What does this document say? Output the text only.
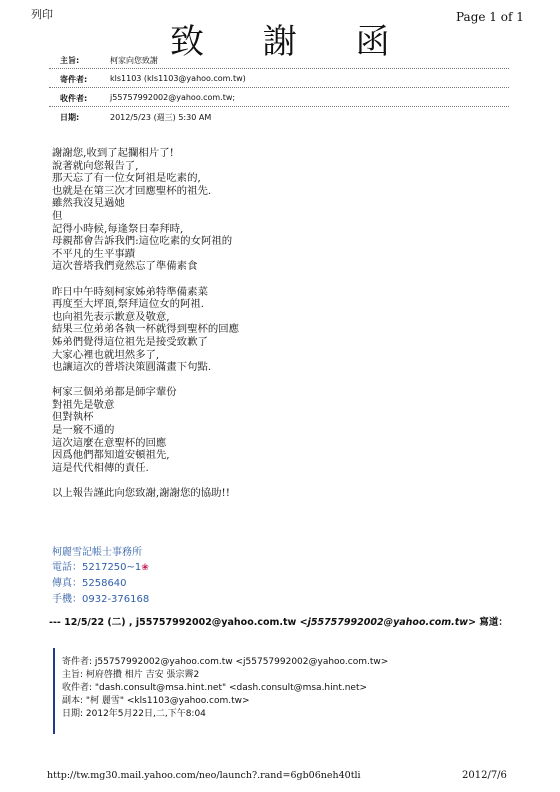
列印	Page 1 of 1
致 謝 函
主旨:	柯家向您致謝
寄件者:	kls1103 (kls1103@yahoo.com.tw)
收件者:	j55757992002@yahoo.com.tw;
日期:	2012/5/23 (週三) 5:30 AM

謝謝您,收到了起攔相片了!

說著就向您報告了,

那天忘了有一位女阿祖是吃素的,

也就是在第三次才回應聖杯的祖先.

雖然我沒見過她

但

記得小時候,每逢祭日奉拜時,

母親都會告訴我們:這位吃素的女阿祖的

不平凡的生平事蹟

這次普塔我們竟然忘了準備素食

昨日中午時刻柯家姊弟特準備素菜

再度至大坪頂,祭拜這位女的阿祖.

也向祖先表示歉意及敬意,

結果三位弟弟各執一杯就得到聖杯的回應

姊弟們覺得這位祖先是接受致歉了

大家心裡也就坦然多了,

也讓這次的普塔決策圓滿畫下句點.

柯家三個弟弟都是師字輩份

對祖先是敬意

但對執杯

是一竅不通的

這次這麼在意聖杯的回應

因爲他們都知道安頓祖先,

這是代代相傳的責任.

以上報告謹此向您致謝,謝謝您的協助!!

柯麗雪記帳士事務所
電話：5217250~1❀
傳真：5258640
手機：0932-376168
--- 12/5/22 (二) , j55757992002@yahoo.com.tw <j55757992002@yahoo.com.tw> 寫道：
寄件者: j55757992002@yahoo.com.tw <j55757992002@yahoo.com.tw>
主旨: 柯府啓攢 相片 吉安 張宗霽2
收件者: "dash.consult@msa.hint.net" <dash.consult@msa.hint.net>
副本: "柯 麗雪" <kls1103@yahoo.com.tw>
日期: 2012年5月22日,二,下午8:04
http://tw.mg30.mail.yahoo.com/neo/launch?.rand=6gb06neh40tli	2012/7/6
